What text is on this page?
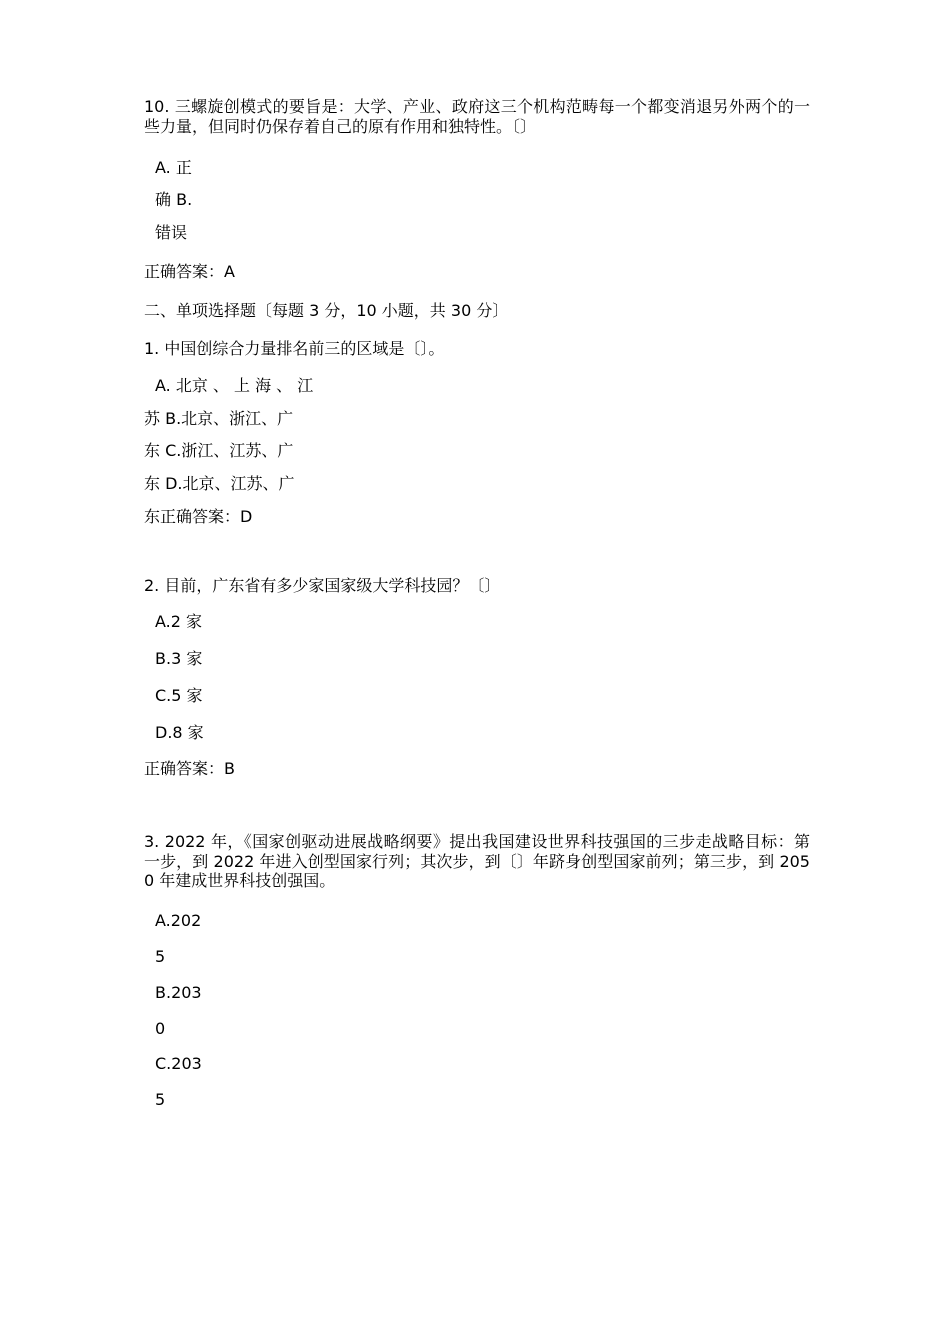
10. 三螺旋创模式的要旨是：大学、产业、政府这三个机构范畴每一个都变消退另外两个的一些力量，但同时仍保存着自己的原有作用和独特性。〔〕
A. 正
确 B.
错误
正确答案：A
二、单项选择题〔每题 3 分，10 小题，共 30 分〕
1. 中国创综合力量排名前三的区域是〔〕。
A. 北京 、 上 海 、 江
苏 B.北京、浙江、广
东 C.浙江、江苏、广
东 D.北京、江苏、广
东正确答案：D
2. 目前，广东省有多少家国家级大学科技园？〔〕
A.2 家
B.3 家
C.5 家
D.8 家
正确答案：B
3. 2022 年，《国家创驱动进展战略纲要》提出我国建设世界科技强国的三步走战略目标：第一步，到 2022 年进入创型国家行列；其次步，到〔〕年跻身创型国家前列；第三步，到 2050 年建成世界科技创强国。
A.202
5
B.203
0
C.203
5
